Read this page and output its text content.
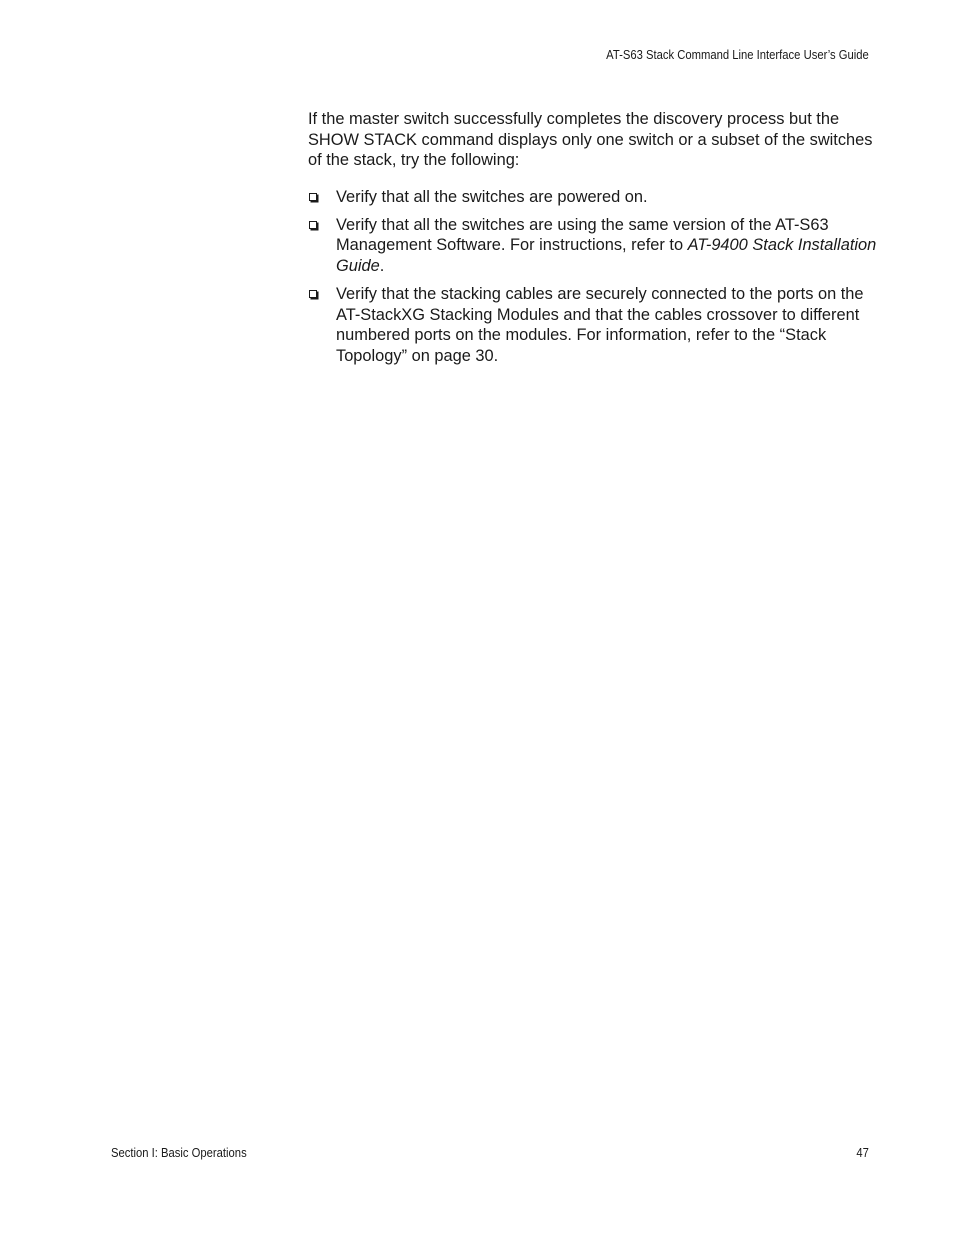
AT-S63 Stack Command Line Interface User’s Guide

If the master switch successfully completes the discovery process but the SHOW STACK command displays only one switch or a subset of the switches of the stack, try the following:

Verify that all the switches are powered on.
Verify that all the switches are using the same version of the AT-S63 Management Software. For instructions, refer to AT-9400 Stack Installation Guide.
Verify that the stacking cables are securely connected to the ports on the AT-StackXG Stacking Modules and that the cables crossover to different numbered ports on the modules. For information, refer to the “Stack Topology” on page 30.
Section I: Basic Operations	47
